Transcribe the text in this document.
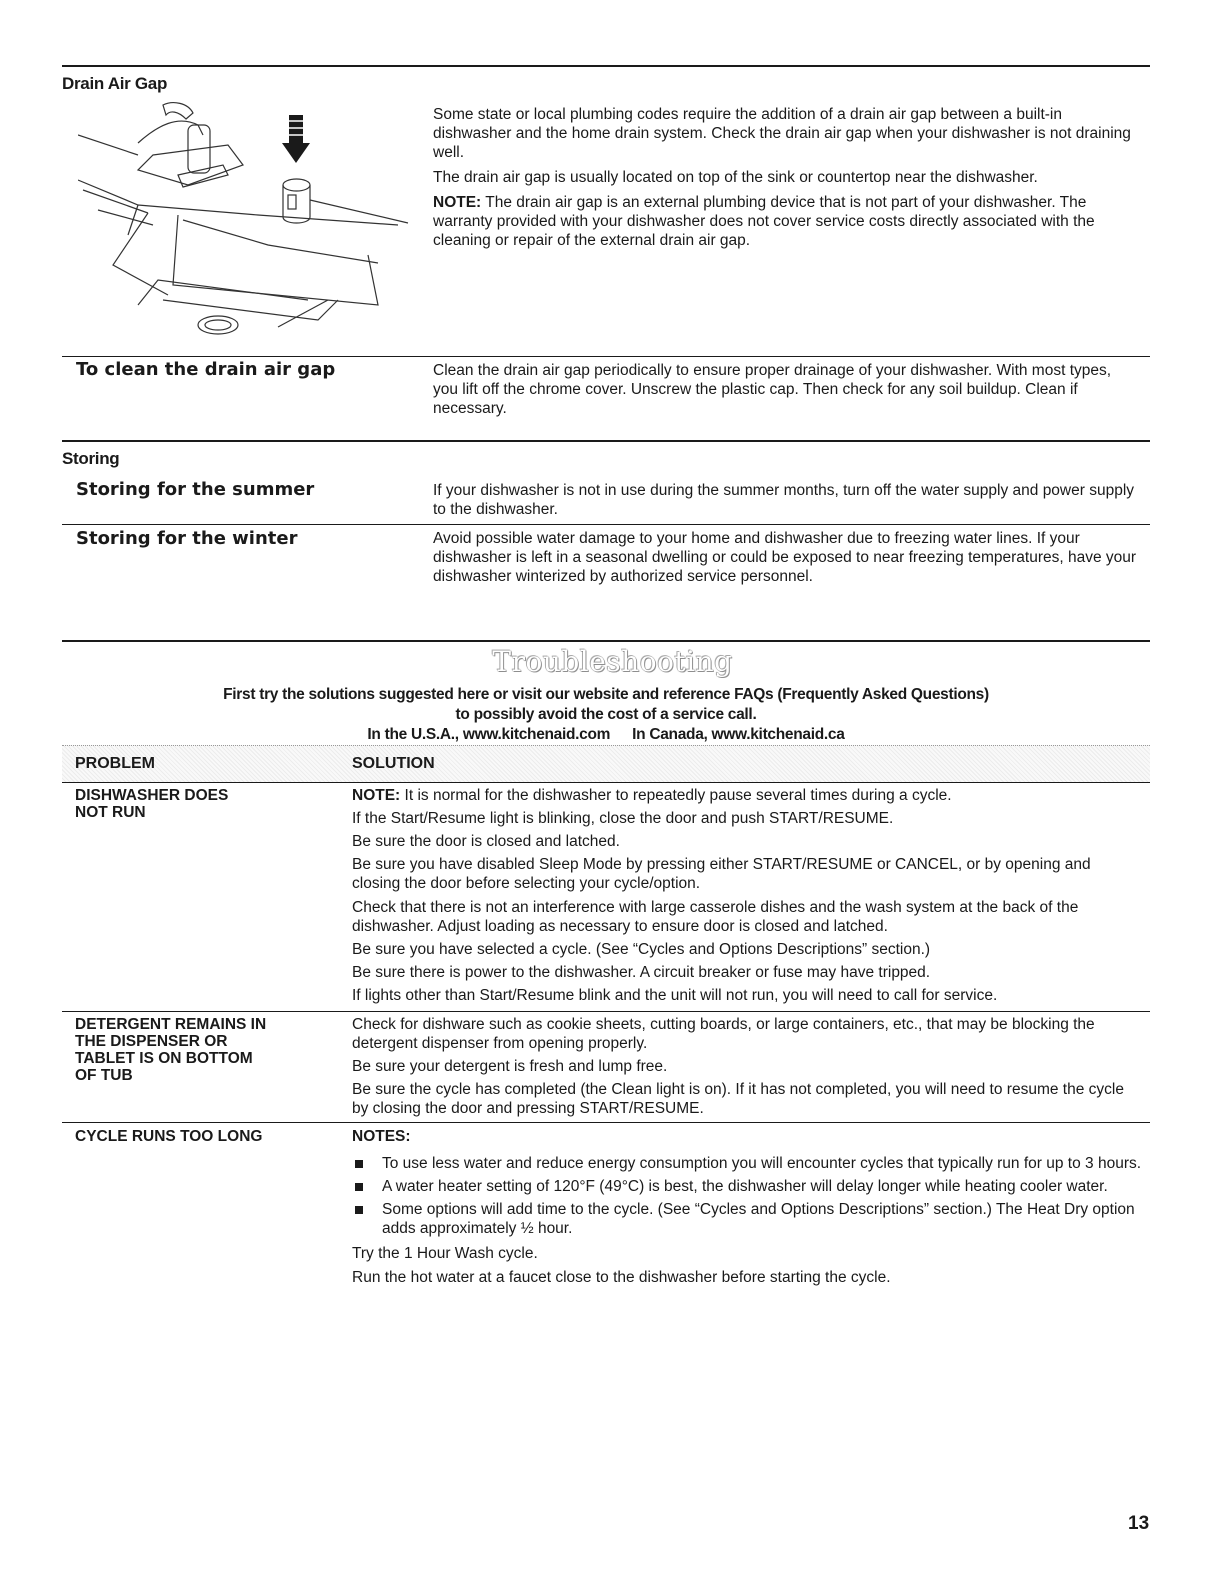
Drain Air Gap

Some state or local plumbing codes require the addition of a drain air gap between a built-in dishwasher and the home drain system. Check the drain air gap when your dishwasher is not draining well.

The drain air gap is usually located on top of the sink or countertop near the dishwasher.

NOTE: The drain air gap is an external plumbing device that is not part of your dishwasher. The warranty provided with your dishwasher does not cover service costs directly associated with the cleaning or repair of the external drain air gap.

To clean the drain air gap	Clean the drain air gap periodically to ensure proper drainage of your dishwasher. With most types, you lift off the chrome cover. Unscrew the plastic cap. Then check for any soil buildup. Clean if necessary.
Storing
Storing for the summer	If your dishwasher is not in use during the summer months, turn off the water supply and power supply to the dishwasher.
Storing for the winter	Avoid possible water damage to your home and dishwasher due to freezing water lines. If your dishwasher is left in a seasonal dwelling or could be exposed to near freezing temperatures, have your dishwasher winterized by authorized service personnel.
Troubleshooting
First try the solutions suggested here or visit our website and reference FAQs (Frequently Asked Questions)
to possibly avoid the cost of a service call.
In the U.S.A., www.kitchenaid.com In Canada, www.kitchenaid.ca
PROBLEM	SOLUTION
DISHWASHER DOES
NOT RUN

NOTE: It is normal for the dishwasher to repeatedly pause several times during a cycle.

If the Start/Resume light is blinking, close the door and push START/RESUME.

Be sure the door is closed and latched.

Be sure you have disabled Sleep Mode by pressing either START/RESUME or CANCEL, or by opening and closing the door before selecting your cycle/option.

Check that there is not an interference with large casserole dishes and the wash system at the back of the dishwasher. Adjust loading as necessary to ensure door is closed and latched.

Be sure you have selected a cycle. (See “Cycles and Options Descriptions” section.)

Be sure there is power to the dishwasher. A circuit breaker or fuse may have tripped.

If lights other than Start/Resume blink and the unit will not run, you will need to call for service.

DETERGENT REMAINS IN
THE DISPENSER OR
TABLET IS ON BOTTOM
OF TUB

Check for dishware such as cookie sheets, cutting boards, or large containers, etc., that may be blocking the detergent dispenser from opening properly.

Be sure your detergent is fresh and lump free.

Be sure the cycle has completed (the Clean light is on). If it has not completed, you will need to resume the cycle by closing the door and pressing START/RESUME.

CYCLE RUNS TOO LONG	NOTES:

To use less water and reduce energy consumption you will encounter cycles that typically run for up to 3 hours.
A water heater setting of 120°F (49°C) is best, the dishwasher will delay longer while heating cooler water.
Some options will add time to the cycle. (See “Cycles and Options Descriptions” section.) The Heat Dry option adds approximately ½ hour.

Try the 1 Hour Wash cycle.

Run the hot water at a faucet close to the dishwasher before starting the cycle.

13
